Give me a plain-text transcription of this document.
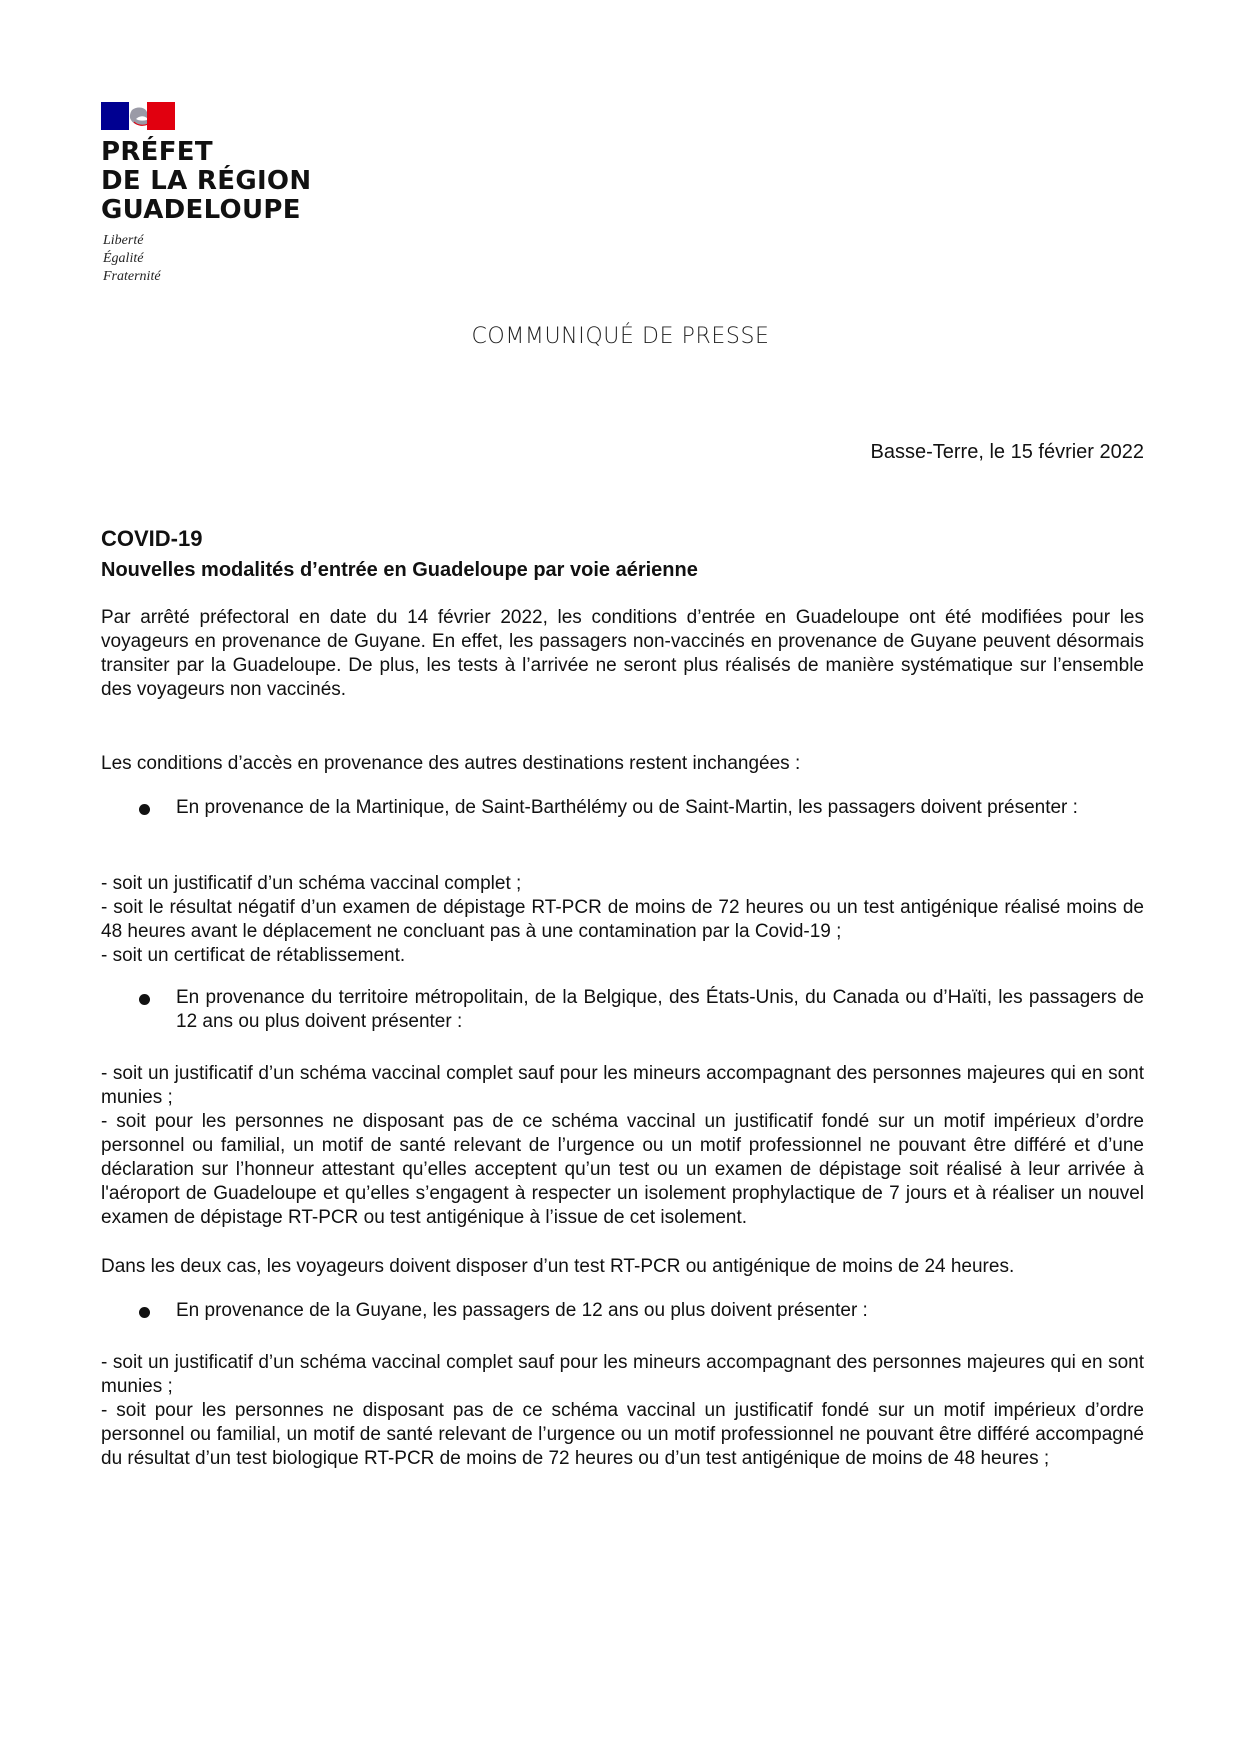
PRÉFET
DE LA RÉGION
GUADELOUPE
Liberté
Égalité
Fraternité
COMMUNIQUÉ DE PRESSE
Basse-Terre, le 15 février 2022
COVID-19
Nouvelles modalités d’entrée en Guadeloupe par voie aérienne

Par arrêté préfectoral en date du 14 février 2022, les conditions d’entrée en Guadeloupe ont été modifiées pour les voyageurs en provenance de Guyane. En effet, les passagers non-vaccinés en provenance de Guyane peuvent désormais transiter par la Guadeloupe. De plus, les tests à l’arrivée ne seront plus réalisés de manière systématique sur l’ensemble des voyageurs non vaccinés.

Les conditions d’accès en provenance des autres destinations restent inchangées :

En provenance de la Martinique, de Saint-Barthélémy ou de Saint-Martin, les passagers doivent présenter :

- soit un justificatif d’un schéma vaccinal complet ;

- soit le résultat négatif d’un examen de dépistage RT-PCR de moins de 72 heures ou un test antigénique réalisé moins de 48 heures avant le déplacement ne concluant pas à une contamination par la Covid-19 ;

- soit un certificat de rétablissement.

En provenance du territoire métropolitain, de la Belgique, des États-Unis, du Canada ou d’Haïti, les passagers de 12 ans ou plus doivent présenter :

- soit un justificatif d’un schéma vaccinal complet sauf pour les mineurs accompagnant des personnes majeures qui en sont munies ;

- soit pour les personnes ne disposant pas de ce schéma vaccinal un justificatif fondé sur un motif impérieux d’ordre personnel ou familial, un motif de santé relevant de l’urgence ou un motif professionnel ne pouvant être différé et d’une déclaration sur l’honneur attestant qu’elles acceptent qu’un test ou un examen de dépistage soit réalisé à leur arrivée à l'aéroport de Guadeloupe et qu’elles s’engagent à respecter un isolement prophylactique de 7 jours et à réaliser un nouvel examen de dépistage RT-PCR ou test antigénique à l’issue de cet isolement.

Dans les deux cas, les voyageurs doivent disposer d’un test RT-PCR ou antigénique de moins de 24 heures.

En provenance de la Guyane, les passagers de 12 ans ou plus doivent présenter :

- soit un justificatif d’un schéma vaccinal complet sauf pour les mineurs accompagnant des personnes majeures qui en sont munies ;

- soit pour les personnes ne disposant pas de ce schéma vaccinal un justificatif fondé sur un motif impérieux d’ordre personnel ou familial, un motif de santé relevant de l’urgence ou un motif professionnel ne pouvant être différé accompagné du résultat d’un test biologique RT-PCR de moins de 72 heures ou d’un test antigénique de moins de 48 heures ;
